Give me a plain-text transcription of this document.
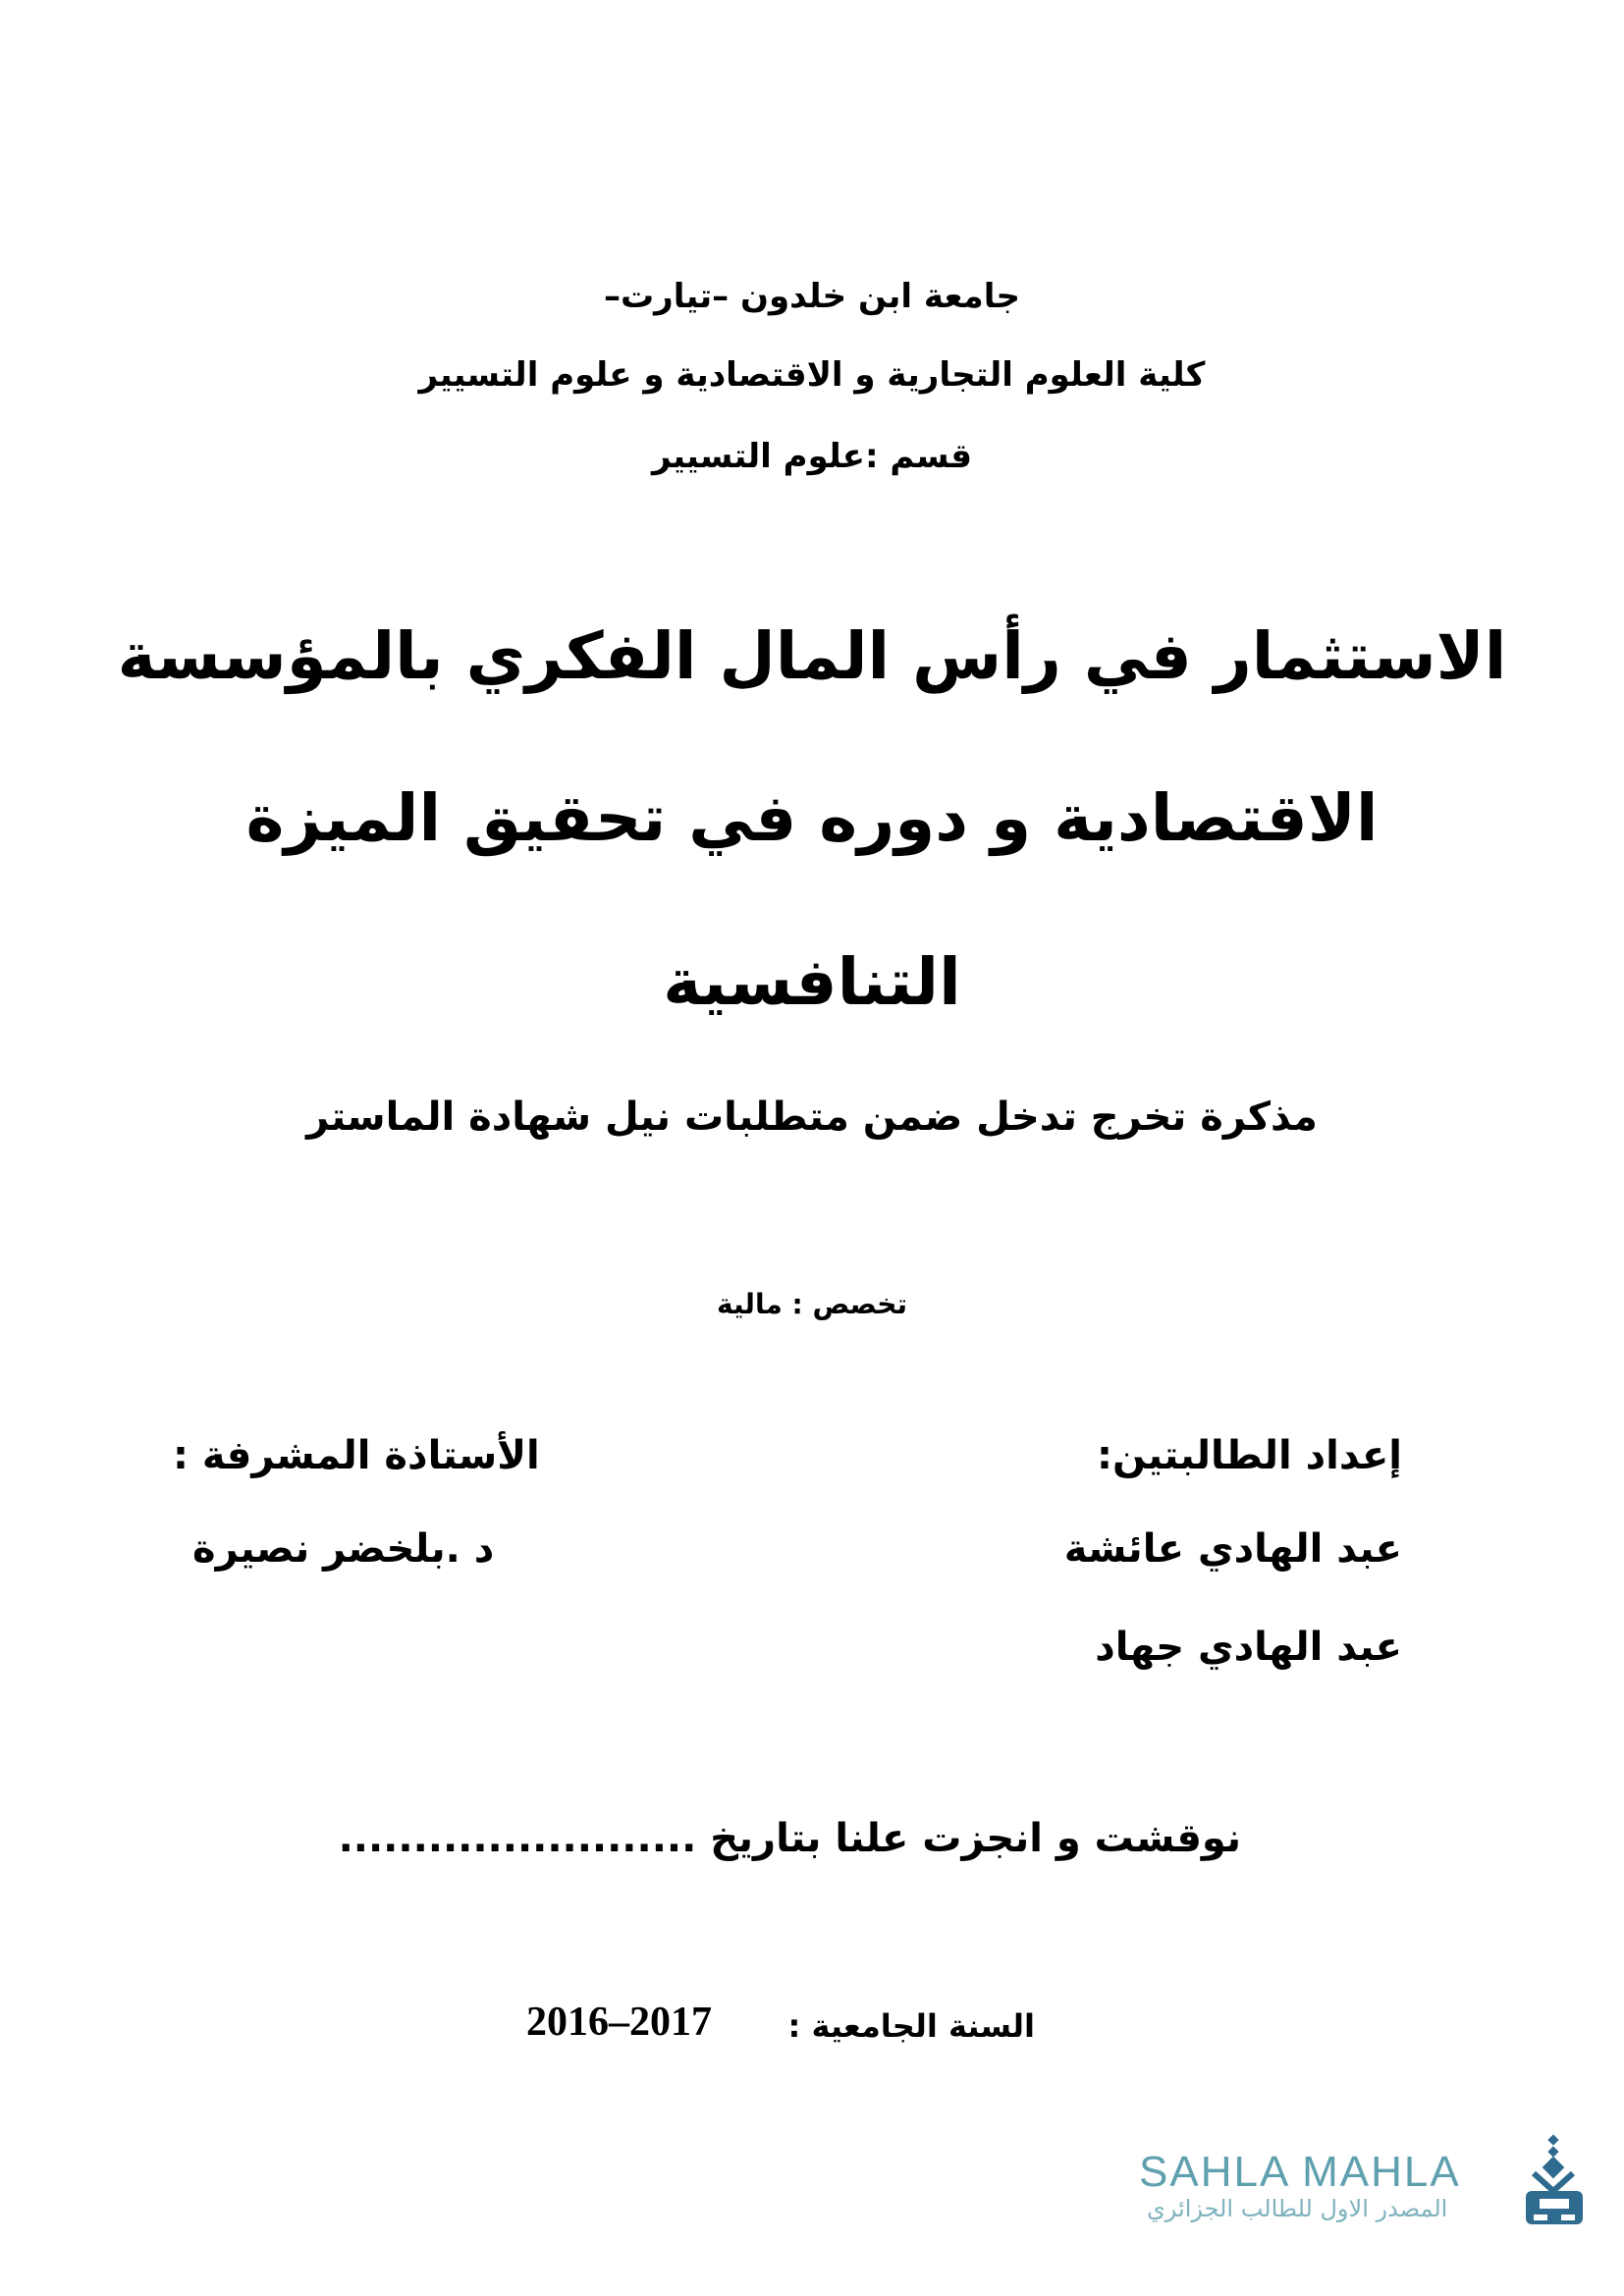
جامعة ابن خلدون –تيارت–
كلية العلوم التجارية و الاقتصادية و علوم التسيير
قسم :علوم التسيير
الاستثمار في رأس المال الفكري بالمؤسسة
الاقتصادية و دوره في تحقيق الميزة
التنافسية
مذكرة تخرج تدخل ضمن متطلبات نيل شهادة الماستر
تخصص : مالية
إعداد الطالبتين:
عبد الهادي عائشة
عبد الهادي جهاد
الأستاذة المشرفة :
د .بلخضر نصيرة
نوقشت و انجزت علنا بتاريخ ........................
السنة الجامعية :
2016–2017
SAHLA MAHLA
المصدر الاول للطالب الجزائري
